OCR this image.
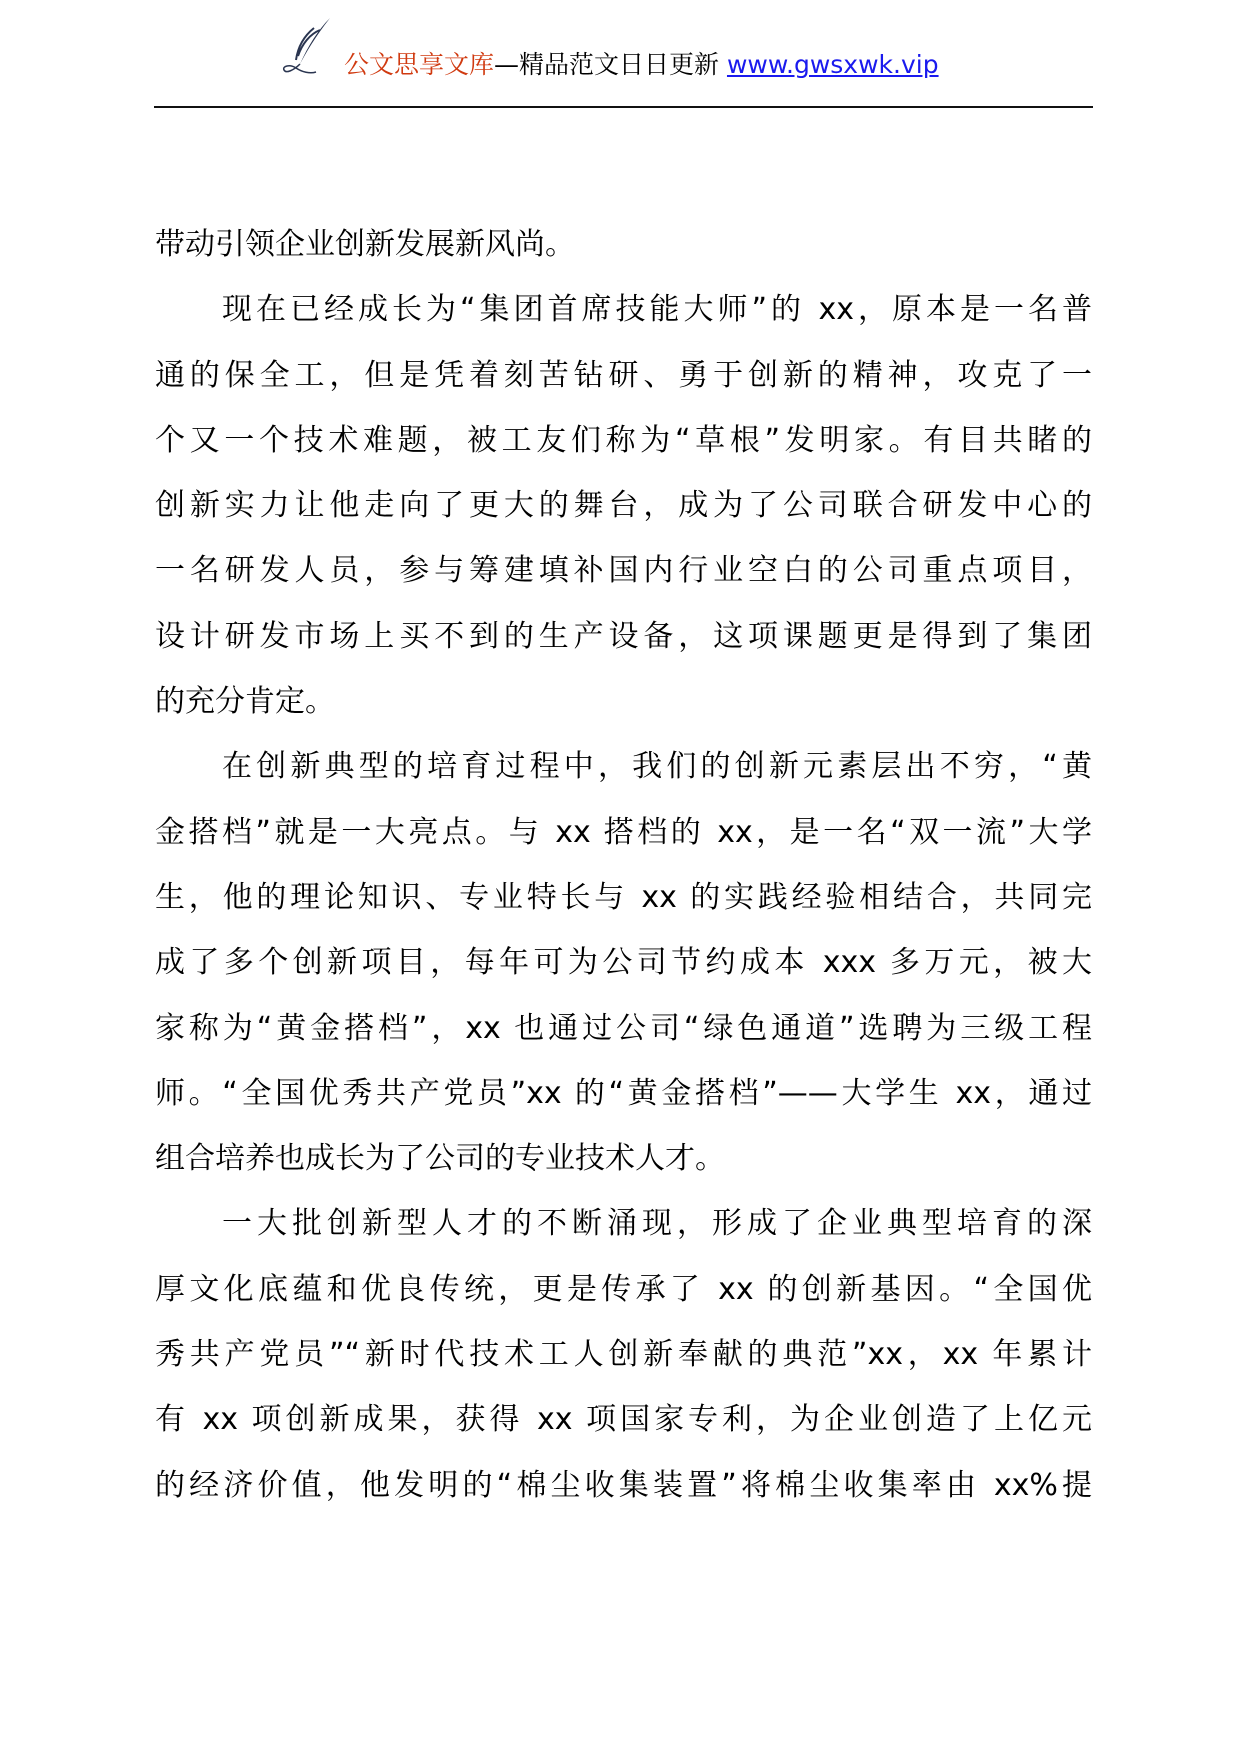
公文思享文库—精品范文日日更新 www.gwsxwk.vip
带动引领企业创新发展新风尚。
现在已经成长为“集团首席技能大师”的 xx，原本是一名普
通的保全工，但是凭着刻苦钻研、勇于创新的精神，攻克了一
个又一个技术难题，被工友们称为“草根”发明家。有目共睹的
创新实力让他走向了更大的舞台，成为了公司联合研发中心的
一名研发人员，参与筹建填补国内行业空白的公司重点项目，
设计研发市场上买不到的生产设备，这项课题更是得到了集团
的充分肯定。
在创新典型的培育过程中，我们的创新元素层出不穷，“黄
金搭档”就是一大亮点。与 xx 搭档的 xx，是一名“双一流”大学
生，他的理论知识、专业特长与 xx 的实践经验相结合，共同完
成了多个创新项目，每年可为公司节约成本 xxx 多万元，被大
家称为“黄金搭档”，xx 也通过公司“绿色通道”选聘为三级工程
师。“全国优秀共产党员”xx 的“黄金搭档”——大学生 xx，通过
组合培养也成长为了公司的专业技术人才。
一大批创新型人才的不断涌现，形成了企业典型培育的深
厚文化底蕴和优良传统，更是传承了 xx 的创新基因。“全国优
秀共产党员”“新时代技术工人创新奉献的典范”xx，xx 年累计
有 xx 项创新成果，获得 xx 项国家专利，为企业创造了上亿元
的经济价值，他发明的“棉尘收集装置”将棉尘收集率由 xx%提
